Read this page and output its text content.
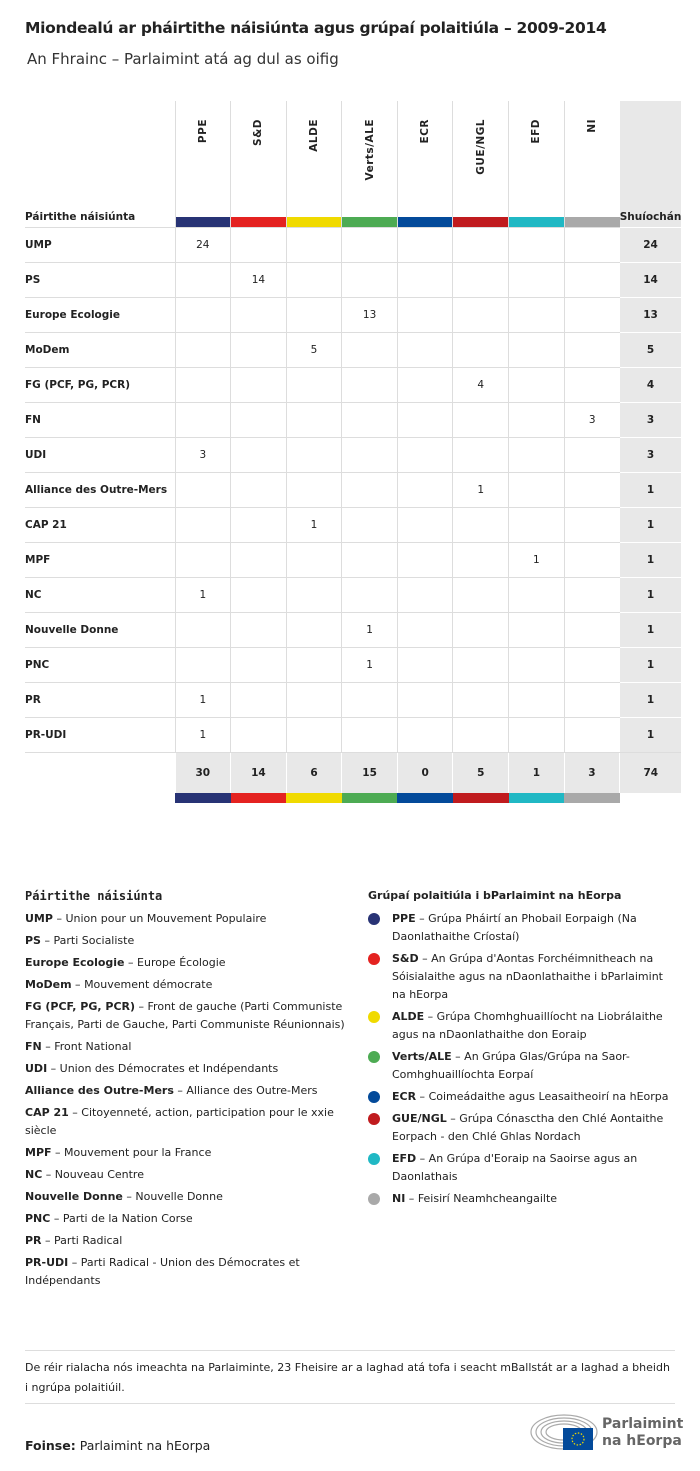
Miondealú ar pháirtithe náisiúnta agus grúpaí polaitiúla – 2009-2014
An Fhrainc – Parlaimint atá ag dul as oifig
Páirtithe náisiúnta	PPE	S&D	ALDE	Verts/ALE	ECR	GUE/NGL	EFD	NI	Shuíochán
UMP	24								24
PS		14							14
Europe Ecologie				13					13
MoDem			5						5
FG (PCF, PG, PCR)						4			4
FN								3	3
UDI	3								3
Alliance des Outre-Mers						1			1
CAP 21			1						1
MPF							1		1
NC	1								1
Nouvelle Donne				1					1
PNC				1					1
PR	1								1
PR-UDI	1								1
	30	14	6	15	0	5	1	3	74

Páirtithe náisiúnta
UMP – Union pour un Mouvement Populaire
PS – Parti Socialiste
Europe Ecologie – Europe Écologie
MoDem – Mouvement démocrate
FG (PCF, PG, PCR) – Front de gauche (Parti Communiste Français, Parti de Gauche, Parti Communiste Réunionnais)
FN – Front National
UDI – Union des Démocrates et Indépendants
Alliance des Outre-Mers – Alliance des Outre-Mers
CAP 21 – Citoyenneté, action, participation pour le xxie siècle
MPF – Mouvement pour la France
NC – Nouveau Centre
Nouvelle Donne – Nouvelle Donne
PNC – Parti de la Nation Corse
PR – Parti Radical
PR-UDI – Parti Radical - Union des Démocrates et Indépendants
Grúpaí polaitiúla i bParlaimint na hEorpa
PPE – Grúpa Pháirtí an Phobail Eorpaigh (Na Daonlathaithe Críostaí)
S&D – An Grúpa d'Aontas Forchéimnitheach na Sóisialaithe agus na nDaonlathaithe i bParlaimint na hEorpa
ALDE – Grúpa Chomhghuaillíocht na Liobrálaithe agus na nDaonlathaithe don Eoraip
Verts/ALE – An Grúpa Glas/Grúpa na Saor-Comhghuaillíochta Eorpaí
ECR – Coimeádaithe agus Leasaitheoirí na hEorpa
GUE/NGL – Grúpa Cónasctha den Chlé Aontaithe Eorpach - den Chlé Ghlas Nordach
EFD – An Grúpa d'Eoraip na Saoirse agus an Daonlathais
NI – Feisirí Neamhcheangailte
De réir rialacha nós imeachta na Parlaiminte, 23 Fheisire ar a laghad atá tofa i seacht mBallstát ar a laghad a bheidh i ngrúpa polaitiúil.
Foinse: Parlaimint na hEorpa
Parlaimint
na hEorpa
